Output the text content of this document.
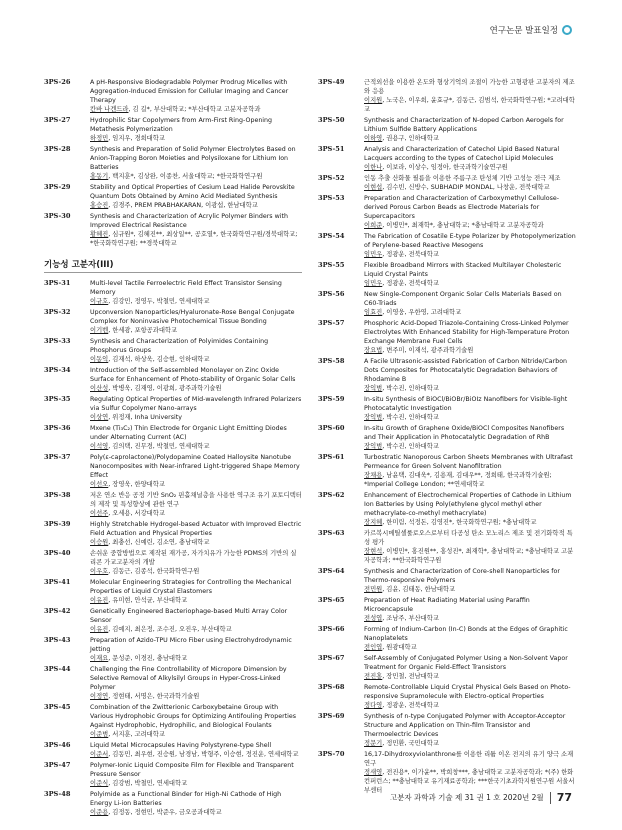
연구논문 발표일정
3PS-26	A pH-Responsive Biodegradable Polymer Prodrug Micelles with Aggregation-Induced Emission for Cellular Imaging and Cancer Therapy
칸바 나겐드라, 김 길*, 부산대학교; *부산대학교 고분자공학과
3PS-27	Hydrophilic Star Copolymers from Arm-First Ring-Opening Metathesis Polymerization
하정민, 임지우, 경희대학교
3PS-28	Synthesis and Preparation of Solid Polymer Electrolytes Based on Anion-Trapping Boron Moieties and Polysiloxane for Lithium Ion Batteries
홍동기, 백지훈*, 김상완, 이종찬, 서울대학교; *한국화학연구원
3PS-29	Stability and Optical Properties of Cesium Lead Halide Perovskite Quantum Dots Obtained by Amino Acid Mediated Synthesis
홍승진, 김경주, PREM PRABHAKARAN, 이광섭, 한남대학교
3PS-30	Synthesis and Characterization of Acrylic Polymer Binders with Improved Electrical Resistance
황혜진, 심규원*, 김혜진**, 최상일**, 공호열*, 한국화학연구원/경북대학교; *한국화학연구원; **경북대학교
기능성 고분자(III)
3PS-31	Multi-level Tactile Ferroelectric Field Effect Transistor Sensing Memory
이규호, 김강민, 정영두, 박철민, 연세대학교
3PS-32	Upconversion Nanoparticles/Hyaluronate-Rose Bengal Conjugate Complex for Noninvasive Photochemical Tissue Bonding
이기벤, 한세광, 포항공과대학교
3PS-33	Synthesis and Characterization of Polyimides Containing Phosphorus Groups
이동익, 김재석, 하상욱, 김승현, 인하대학교
3PS-34	Introduction of the Self-assembled Monolayer on Zinc Oxide Surface for Enhancement of Photo-stability of Organic Solar Cells
이산성, 박병욱, 김재영, 이광희, 광주과학기술원
3PS-35	Regulating Optical Properties of Mid-wavelength Infrared Polarizers via Sulfur Copolymer Nano-arrays
이상연, 위정재, Inha University
3PS-36	Mxene (Ti₃C₂) Thin Electrode for Organic Light Emitting Diodes under Alternating Current (AC)
이석영, 김의택, 진무경, 박철민, 연세대학교
3PS-37	Poly(ε-caprolactone)/Polydopamine Coated Halloysite Nanotube Nanocomposites with Near-infrared Light-triggered Shape Memory Effect
이선오, 장영욱, 한양대학교
3PS-38	저온 연소 반응 공정 기반 SnO₂ 핀홀채널층을 사용한 역구조 유기 포토디텍터의 제작 및 특성향상에 관한 연구
이선주, 오세용, 서강대학교
3PS-39	Highly Stretchable Hydrogel-based Actuator with Improved Electric Field Actuation and Physical Properties
이승원, 최충선, 신예린, 김소연, 충남대학교
3PS-40	손쉬운 중합방법으로 제작된 재가공, 자가치유가 가능한 PDMS의 기반의 실리콘 가교고분자의 개발
이우호, 김동근, 김종석, 한국화학연구원
3PS-41	Molecular Engineering Strategies for Controlling the Mechanical Properties of Liquid Crystal Elastomers
이유진, 유미현, 안석균, 부산대학교
3PS-42	Genetically Engineered Bacteriophage-based Multi Array Color Sensor
이유진, 김예지, 최은정, 조수진, 오진우, 부산대학교
3PS-43	Preparation of Azido-TPU Micro Fiber using Electrohydrodynamic Jetting
이재요, 문성준, 이경진, 충남대학교
3PS-44	Challenging the Fine Controllability of Micropore Dimension by Selective Removal of Alkylsilyl Groups in Hyper-Cross-Linked Polymer
이정연, 정현태, 서명은, 한국과학기술원
3PS-45	Combination of the Zwitterionic Carboxybetaine Group with Various Hydrophobic Groups for Optimizing Antifouling Properties Against Hydrophobic, Hydrophilic, and Biological Foulants
이준범, 서지훈, 고려대학교
3PS-46	Liquid Metal Microcapsules Having Polystyrene-type Shell
이준서, 김동민, 최우현, 진승원, 남경남, 박형주, 이승현, 정진운, 연세대학교
3PS-47	Polymer-Ionic Liquid Composite Film for Flexible and Transparent Pressure Sensor
이준식, 김강범, 박철민, 연세대학교
3PS-48	Polyimide as a Functional Binder for High-Ni Cathode of High Energy Li-ion Batteries
이준용, 김정동, 정현민, 박준우, 금오공과대학교
3PS-49	근적외선을 이용한 온도와 형상기억의 조절이 가능한 고형광판 고분자의 제조와 응용
이지원, 노국은, 이우희, 윤효규*, 김동근, 김범석, 한국화학연구원; *고려대학교
3PS-50	Synthesis and Characterization of N-doped Carbon Aerogels for Lithium Sulfide Battery Applications
이하영, 권용구, 인하대학교
3PS-51	Analysis and Characterization of Catechol Lipid Based Natural Lacquers according to the types of Catechol Lipid Molecules
이한나, 이보라, 이상수, 임정아, 한국과학기술연구원
3PS-52	인동 추출 산화물 필름을 이용한 주름구조 탄성체 기반 고성능 전극 제조
이현섭, 김수빈, 신방수, SUBHADIP MONDAL, 나창운, 전북대학교
3PS-53	Preparation and Characterization of Carboxymethyl Cellulose-derived Porous Carbon Beads as Electrode Materials for Supercapacitors
이희준, 이병민*, 최재학*, 충남대학교; *충남대학교 고분자공학과
3PS-54	The Fabrication of Cosatile E-type Polarizer by Photopolymerization of Perylene-based Reactive Mesogens
임민우, 정광운, 전북대학교
3PS-55	Flexible Broadband Mirrors with Stacked Multilayer Cholesteric Liquid Crystal Paints
임민우, 정광운, 전북대학교
3PS-56	New Single-Component Organic Solar Cells Materials Based on C60-Triads
임효진, 이영웅, 우한영, 고려대학교
3PS-57	Phosphoric Acid-Doped Triazole-Containing Cross-Linked Polymer Electrolytes With Enhanced Stability for High-Temperature Proton Exchange Membrane Fuel Cells
장요법, 변주미, 이재석, 광주과학기술원
3PS-58	A Facile Ultrasonic-assisted Fabrication of Carbon Nitride/Carbon Dots Composites for Photocatalytic Degradation Behaviors of Rhodamine B
장익범, 박수진, 인하대학교
3PS-59	In-situ Synthesis of BiOCl/BiOBr/BiOIz Nanofibers for Visible-light Photocatalytic Investigation
장익범, 박수진, 인하대학교
3PS-60	In-situ Growth of Graphene Oxide/BiOCl Composites Nanofibers and Their Application in Photocatalytic Degradation of RhB
장익범, 박수진, 인하대학교
3PS-61	Turbostratic Nanoporous Carbon Sheets Membranes with Ultrafast Permeance for Green Solvent Nanofiltration
장채용, 남윤택, 김대욱*, 김용재, 김대우**, 정희태, 한국과학기술원; *Imperial College London; **연세대학교
3PS-62	Enhancement of Electrochemical Properties of Cathode in Lithium Ion Batteries by Using Poly(ethylene glycol methyl ether methacrylate-co-methyl methacrylate)
장지혜, 한미림, 석정돈, 김영진*, 한국화학연구원; *충남대학교
3PS-63	카르복시메틸셀룰로오스로부터 다공성 탄소 모노리스 제조 및 전기화학적 특성 평가
장현석, 이병민*, 홍진원**, 홍성진*, 최재학*, 충남대학교; *충남대학교 고분자공학과; **한국화학연구원
3PS-64	Synthesis and Characterization of Core-shell Nanoparticles for Thermo-responsive Polymers
전민원, 김윤, 김태동, 한남대학교
3PS-65	Preparation of Heat Radiating Material using Paraffin Microencapsule
전성엽, 조남주, 부산대학교
3PS-66	Forming of Indium-Carbon (In-C) Bonds at the Edges of Graphitic Nanoplatelets
전인엽, 원광대학교
3PS-67	Self-Assembly of Conjugated Polymer Using a Non-Solvent Vapor Treatment for Organic Field-Effect Transistors
전진홍, 장민철, 전남대학교
3PS-68	Remote-Controllable Liquid Crystal Physical Gels Based on Photo-responsive Supramolecule with Electro-optical Properties
정다영, 정광운, 전북대학교
3PS-69	Synthesis of n-type Conjugated Polymer with Acceptor-Acceptor Structure and Application on Thin-film Transistor and Thermoelectric Devices
정문기, 정민환, 국민대학교
3PS-70	16,17-Dihydroxyviolanthrone를 이용한 리튬 이온 전지의 유기 양극 소재 연구
정새영, 전진용*, 이가윤**, 박희창***, 충남대학교 고분자공학과; *(주) 한화컨퍼런스; **충남대학교 유기재료공학과; ***한국기초과학지원연구원 서울서부센터
고분자 과학과 기술 제 31 권 1 호 2020년 2월 77
